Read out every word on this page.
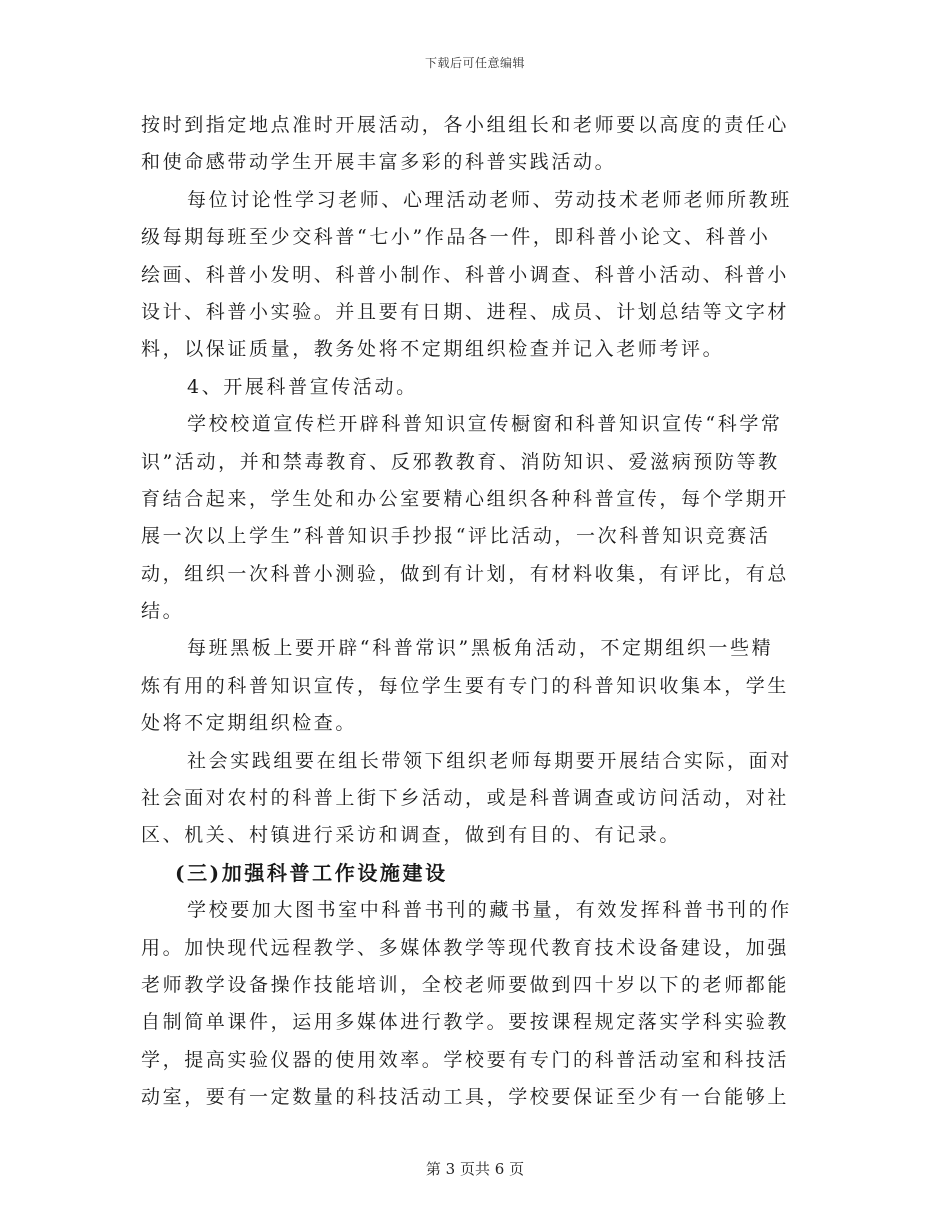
下载后可任意编辑
按时到指定地点准时开展活动，各小组组长和老师要以高度的责任心
和使命感带动学生开展丰富多彩的科普实践活动。
每位讨论性学习老师、心理活动老师、劳动技术老师老师所教班
级每期每班至少交科普“七小”作品各一件，即科普小论文、科普小
绘画、科普小发明、科普小制作、科普小调查、科普小活动、科普小
设计、科普小实验。并且要有日期、进程、成员、计划总结等文字材
料，以保证质量，教务处将不定期组织检查并记入老师考评。
4、开展科普宣传活动。
学校校道宣传栏开辟科普知识宣传橱窗和科普知识宣传“科学常
识”活动，并和禁毒教育、反邪教教育、消防知识、爱滋病预防等教
育结合起来，学生处和办公室要精心组织各种科普宣传，每个学期开
展一次以上学生”科普知识手抄报“评比活动，一次科普知识竞赛活
动，组织一次科普小测验，做到有计划，有材料收集，有评比，有总
结。
每班黑板上要开辟“科普常识”黑板角活动，不定期组织一些精
炼有用的科普知识宣传，每位学生要有专门的科普知识收集本，学生
处将不定期组织检查。
社会实践组要在组长带领下组织老师每期要开展结合实际，面对
社会面对农村的科普上街下乡活动，或是科普调查或访问活动，对社
区、机关、村镇进行采访和调查，做到有目的、有记录。
(三)加强科普工作设施建设
学校要加大图书室中科普书刊的藏书量，有效发挥科普书刊的作
用。加快现代远程教学、多媒体教学等现代教育技术设备建设，加强
老师教学设备操作技能培训，全校老师要做到四十岁以下的老师都能
自制简单课件，运用多媒体进行教学。要按课程规定落实学科实验教
学，提高实验仪器的使用效率。学校要有专门的科普活动室和科技活
动室，要有一定数量的科技活动工具，学校要保证至少有一台能够上
第 3 页共 6 页
